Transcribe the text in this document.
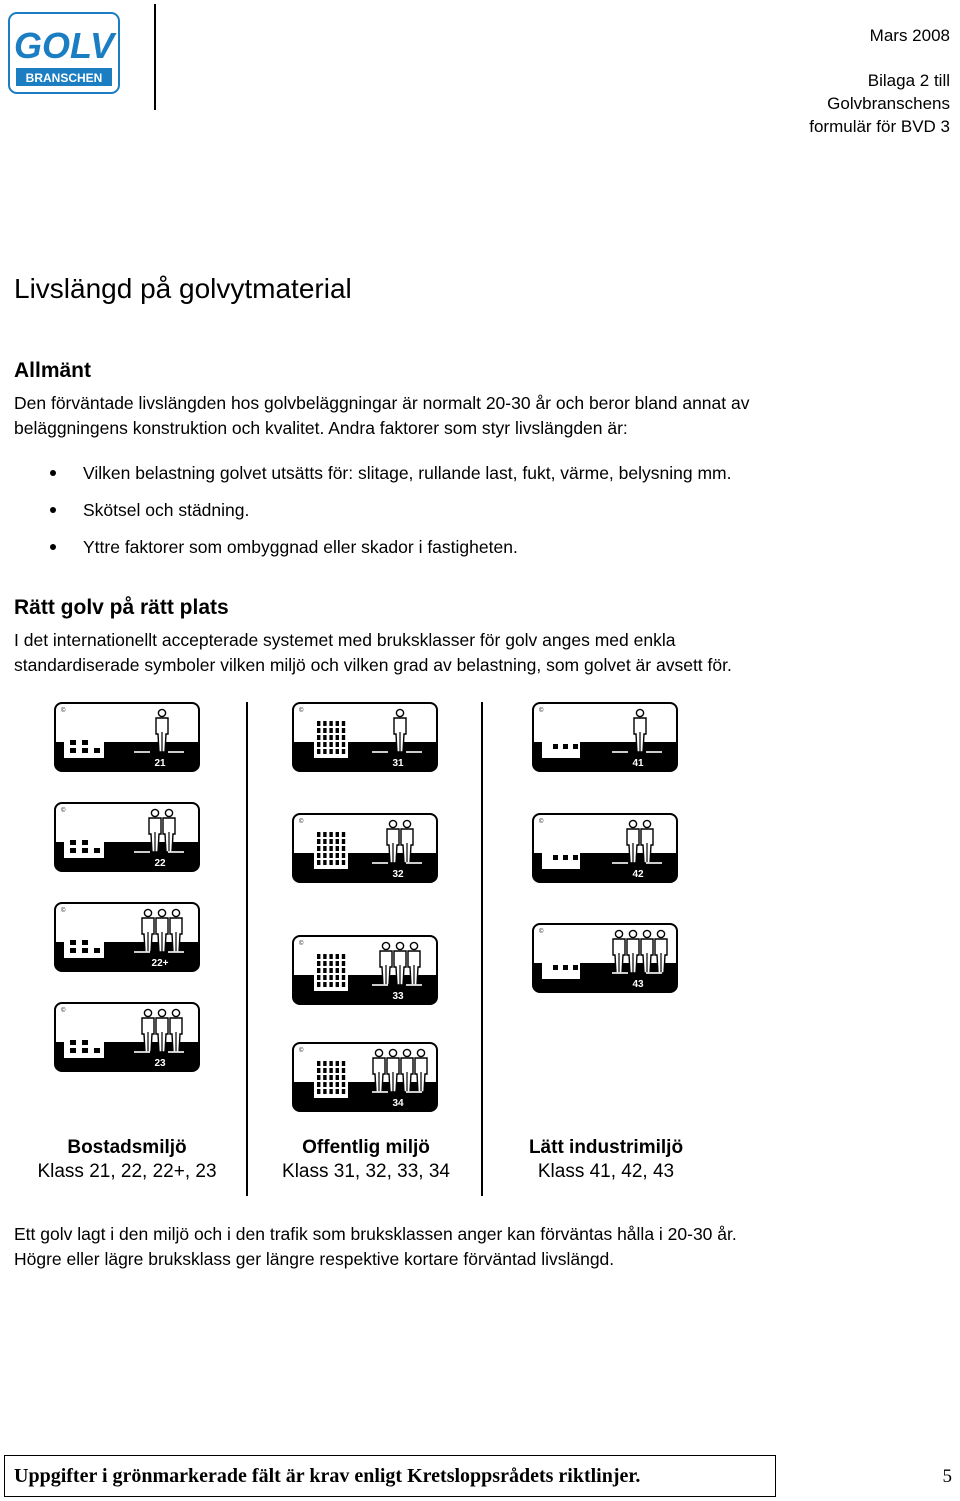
GOLV
BRANSCHEN
Mars 2008
Bilaga 2 till
Golvbranschens
formulär för BVD 3
Livslängd på golvytmaterial
Allmänt
Den förväntade livslängden hos golvbeläggningar är normalt 20-30 år och beror bland annat av
beläggningens konstruktion och kvalitet. Andra faktorer som styr livslängden är:
Vilken belastning golvet utsätts för: slitage, rullande last, fukt, värme, belysning mm.
Skötsel och städning.
Yttre faktorer som ombyggnad eller skador i fastigheten.
Rätt golv på rätt plats
I det internationellt accepterade systemet med bruksklasser för golv anges med enkla
standardiserade symboler vilken miljö och vilken grad av belastning, som golvet är avsett för.
©
21
©
22
©
22+
©
23
©
31
©
32
©
33
©
34
©
41
©
42
©
43
Bostadsmiljö
Klass 21, 22, 22+, 23
Offentlig miljö
Klass 31, 32, 33, 34
Lätt industrimiljö
Klass 41, 42, 43
Ett golv lagt i den miljö och i den trafik som bruksklassen anger kan förväntas hålla i 20-30 år.
Högre eller lägre bruksklass ger längre respektive kortare förväntad livslängd.
Uppgifter i grönmarkerade fält är krav enligt Kretsloppsrådets riktlinjer.	5
